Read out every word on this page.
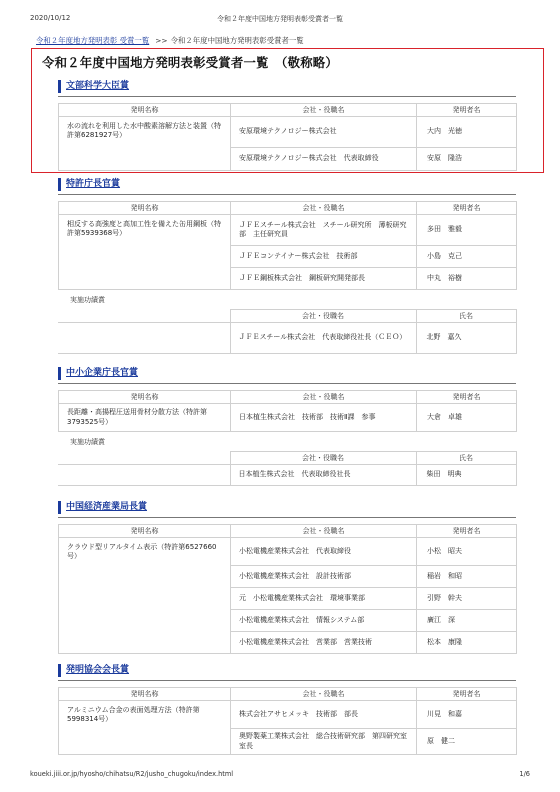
2020/10/12	令和２年度中国地方発明表彰受賞者一覧
令和２年度地方発明表彰 受賞一覧 >> 令和２年度中国地方発明表彰受賞者一覧
令和２年度中国地方発明表彰受賞者一覧　（敬称略）
文部科学大臣賞
発明名称	会社・役職名	発明者名
水の流れを利用した水中酸素溶解方法と装置（特許第6281927号）	安原環境テクノロジー株式会社	大内　光徳
	安原環境テクノロジー株式会社　代表取締役	安原　隆浩
特許庁長官賞
発明名称	会社・役職名	発明者名
相反する高強度と高加工性を備えた缶用鋼板（特許第5939368号）	ＪＦＥスチール株式会社　スチール研究所　薄板研究部　主任研究員	多田　雅毅
	ＪＦＥコンテイナー株式会社　技術部	小島　克己
	ＪＦＥ鋼板株式会社　鋼板研究開発部長	中丸　裕樹
実施功績賞
	会社・役職名	氏名
	ＪＦＥスチール株式会社　代表取締役社長（ＣＥＯ）	北野　嘉久
中小企業庁長官賞
発明名称	会社・役職名	発明者名
長距離・高揚程圧送用骨材分散方法（特許第3793525号）	日本植生株式会社　技術部　技術Ⅱ課　参事	大倉　卓雄
実施功績賞
	会社・役職名	氏名
	日本植生株式会社　代表取締役社長	柴田　明典
中国経済産業局長賞
発明名称	会社・役職名	発明者名
クラウド型リアルタイム表示（特許第6527660号）	小松電機産業株式会社　代表取締役	小松　昭夫
	小松電機産業株式会社　設計技術部	稲岩　和昭
	元　小松電機産業株式会社　環境事業部	引野　幹夫
	小松電機産業株式会社　情報システム部	廣江　深
	小松電機産業株式会社　営業部　営業技術	松本　康隆
発明協会会長賞
発明名称	会社・役職名	発明者名
アルミニウム合金の表面処理方法（特許第5998314号）	株式会社アサヒメッキ　技術部　部長	川見　和嘉
	奥野製薬工業株式会社　総合技術研究部　第四研究室　室長	原　健二
koueki.jiii.or.jp/hyosho/chihatsu/R2/jusho_chugoku/index.html	1/6
